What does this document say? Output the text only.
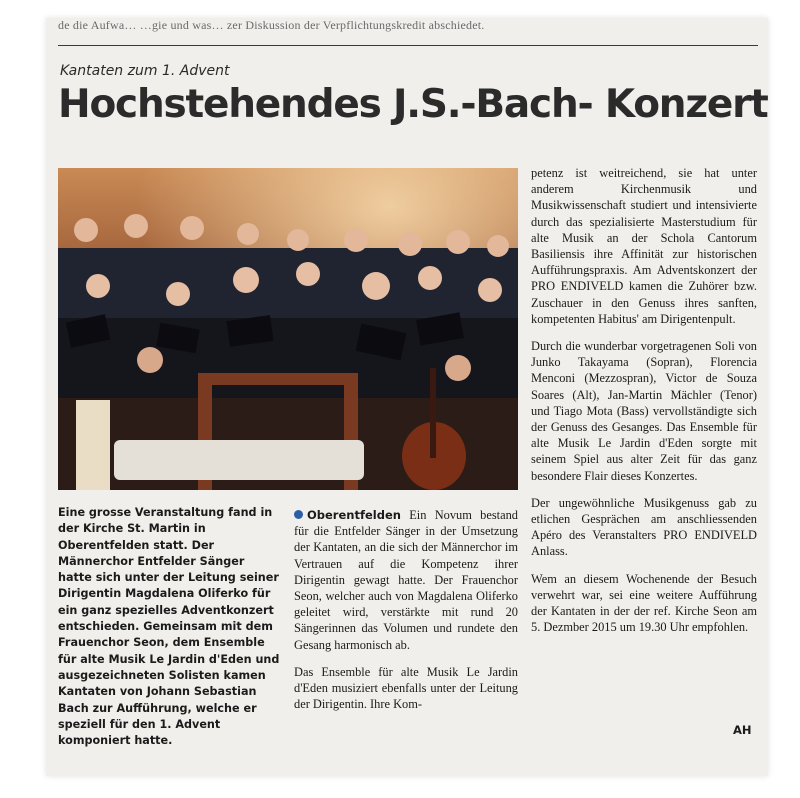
de die Aufwa… …gie und was… zer Diskussion der Verpflichtungskredit abschiedet.
Kantaten zum 1. Advent
Hochstehendes J.S.-Bach- Konzert
Eine grosse Veranstaltung fand in der Kirche St. Martin in Oberentfelden statt. Der Männerchor Entfelder Sänger hatte sich unter der Leitung seiner Dirigentin Magdalena Oliferko für ein ganz spezielles Adventkonzert entschieden. Gemeinsam mit dem Frauenchor Seon, dem Ensemble für alte Musik Le Jardin d'Eden und ausgezeichneten Solisten kamen Kantaten von Johann Sebastian Bach zur Aufführung, welche er speziell für den 1. Advent komponiert hatte.

Oberentfelden Ein Novum bestand für die Entfelder Sänger in der Umsetzung der Kantaten, an die sich der Männerchor im Vertrauen auf die Kompetenz ihrer Dirigentin gewagt hatte. Der Frauenchor Seon, welcher auch von Magdalena Oliferko geleitet wird, verstärkte mit rund 20 Sängerinnen das Volumen und rundete den Gesang harmonisch ab.

Das Ensemble für alte Musik Le Jardin d'Eden musiziert ebenfalls unter der Leitung der Dirigentin. Ihre Kom-

petenz ist weitreichend, sie hat unter anderem Kirchenmusik und Musikwissenschaft studiert und intensivierte durch das spezialisierte Masterstudium für alte Musik an der Schola Cantorum Basiliensis ihre Affinität zur historischen Aufführungspraxis. Am Adventskonzert der PRO ENDIVELD kamen die Zuhörer bzw. Zuschauer in den Genuss ihres sanften, kompetenten Habitus' am Dirigentenpult.

Durch die wunderbar vorgetragenen Soli von Junko Takayama (Sopran), Florencia Menconi (Mezzospran), Victor de Souza Soares (Alt), Jan-Martin Mächler (Tenor) und Tiago Mota (Bass) vervollständigte sich der Genuss des Gesanges. Das Ensemble für alte Musik Le Jardin d'Eden sorgte mit seinem Spiel aus alter Zeit für das ganz besondere Flair dieses Konzertes.

Der ungewöhnliche Musikgenuss gab zu etlichen Gesprächen am anschliessenden Apéro des Veranstalters PRO ENDIVELD Anlass.

Wem an diesem Wochenende der Besuch verwehrt war, sei eine weitere Aufführung der Kantaten in der der ref. Kirche Seon am 5. Dezmber 2015 um 19.30 Uhr empfohlen.

AH
